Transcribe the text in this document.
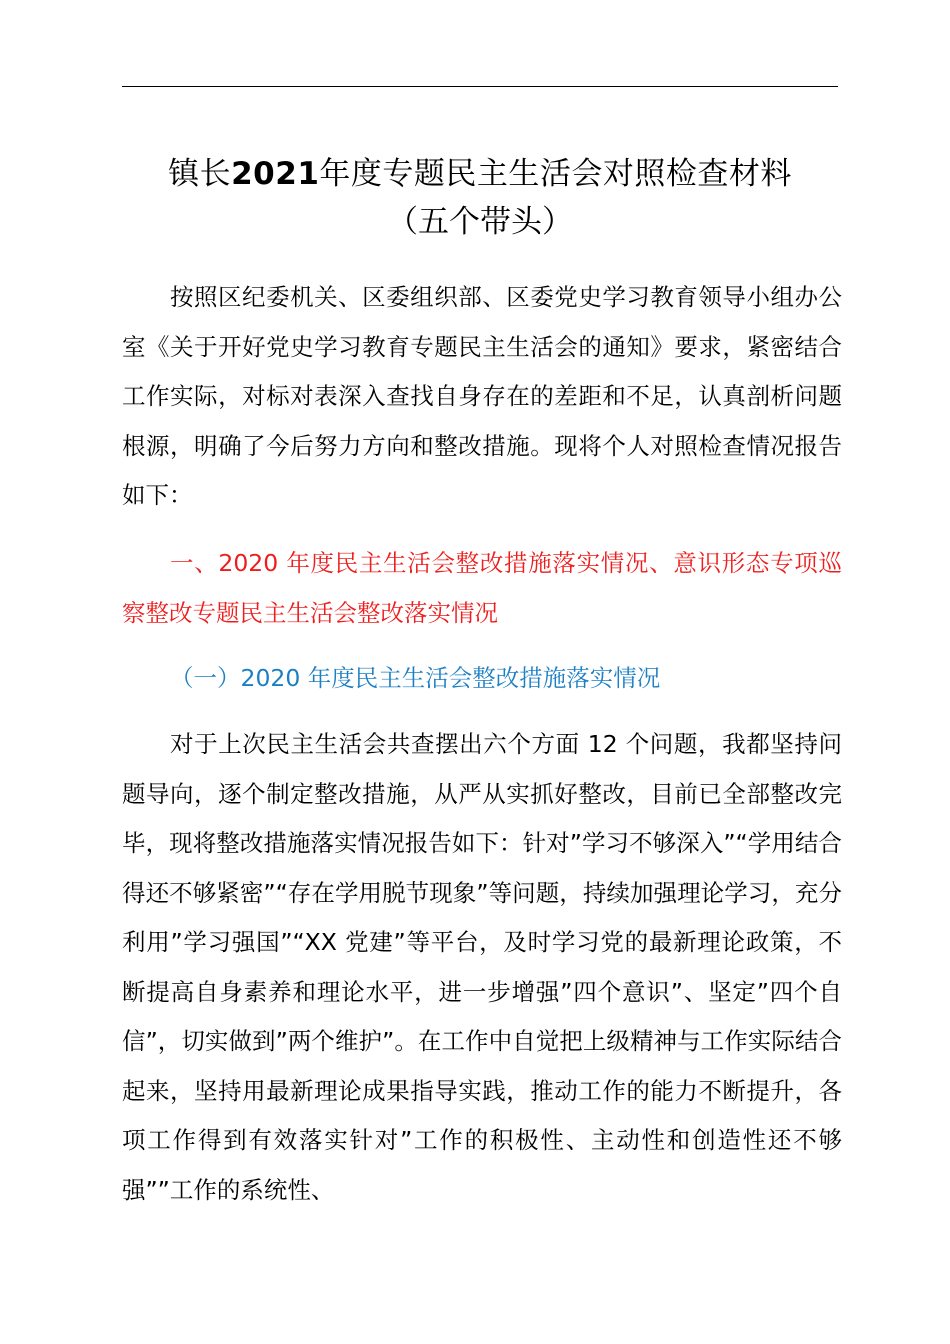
镇长2021年度专题民主生活会对照检查材料
（五个带头）

按照区纪委机关、区委组织部、区委党史学习教育领导小组办公室《关于开好党史学习教育专题民主生活会的通知》要求，紧密结合工作实际，对标对表深入查找自身存在的差距和不足，认真剖析问题根源，明确了今后努力方向和整改措施。现将个人对照检查情况报告如下：

一、2020 年度民主生活会整改措施落实情况、意识形态专项巡察整改专题民主生活会整改落实情况

（一）2020 年度民主生活会整改措施落实情况

对于上次民主生活会共查摆出六个方面 12 个问题，我都坚持问题导向，逐个制定整改措施，从严从实抓好整改，目前已全部整改完毕，现将整改措施落实情况报告如下：针对”学习不够深入”“学用结合得还不够紧密”“存在学用脱节现象”等问题，持续加强理论学习，充分利用”学习强国”“XX 党建”等平台，及时学习党的最新理论政策，不断提高自身素养和理论水平，进一步增强”四个意识”、坚定”四个自信”，切实做到”两个维护”。在工作中自觉把上级精神与工作实际结合起来，坚持用最新理论成果指导实践，推动工作的能力不断提升，各项工作得到有效落实针对”工作的积极性、主动性和创造性还不够强””工作的系统性、
